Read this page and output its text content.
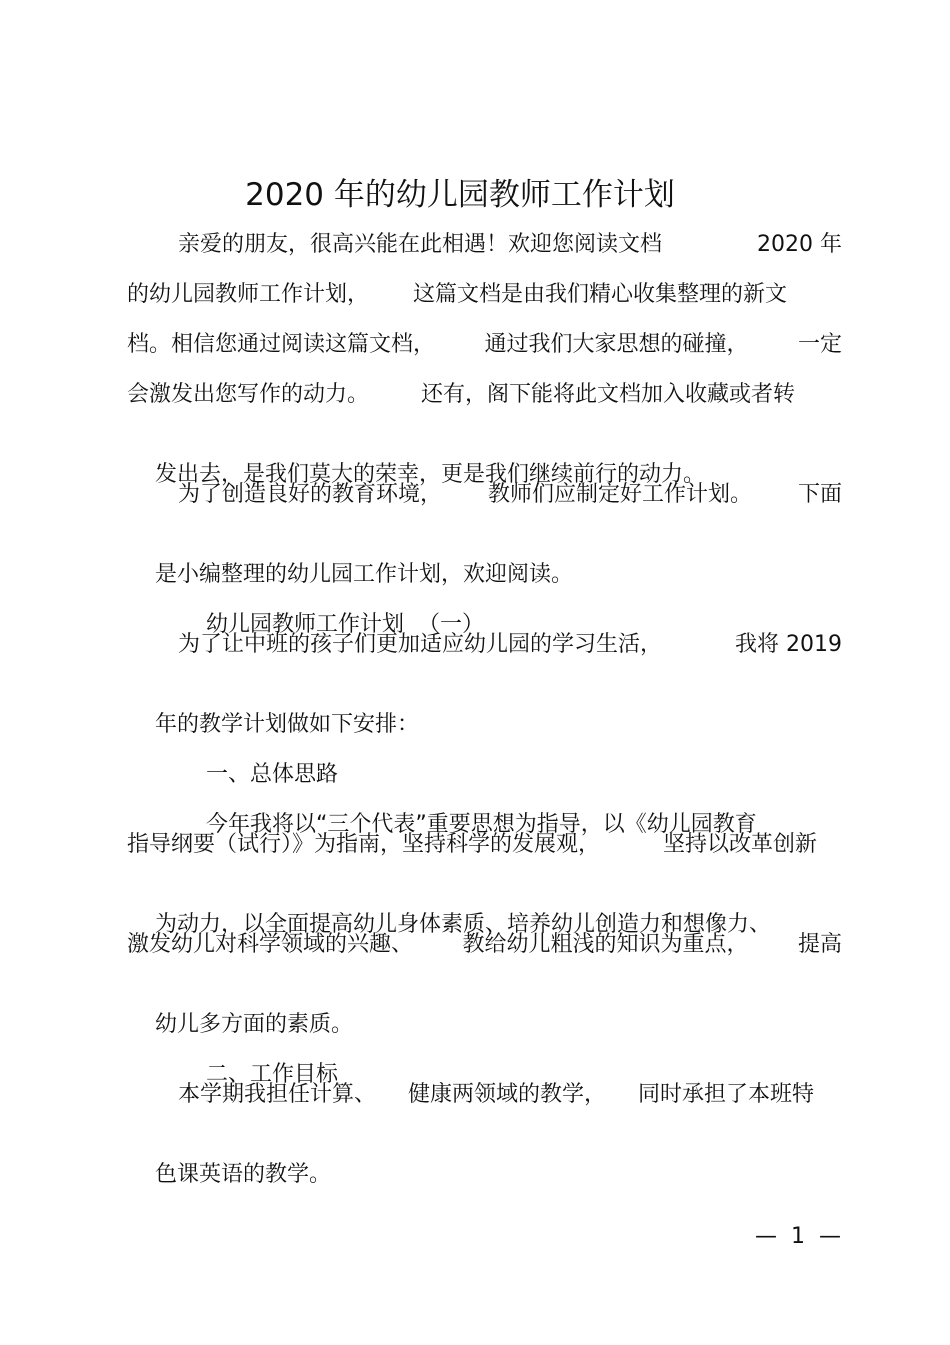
2020 年的幼儿园教师工作计划
亲爱的朋友，很高兴能在此相遇！欢迎您阅读文档	2020 年
的幼儿园教师工作计划， 这篇文档是由我们精心收集整理的新文
档。相信您通过阅读这篇文档， 通过我们大家思想的碰撞， 一定
会激发出您写作的动力。 还有，阁下能将此文档加入收藏或者转

发出去，是我们莫大的荣幸，更是我们继续前行的动力。

为了创造良好的教育环境， 教师们应制定好工作计划。 下面

是小编整理的幼儿园工作计划，欢迎阅读。

幼儿园教师工作计划  （一）

为了让中班的孩子们更加适应幼儿园的学习生活，	我将 2019

年的教学计划做如下安排：

一、总体思路

今年我将以“三个代表”重要思想为指导，以《幼儿园教育

指导纲要（试行）》为指南，坚持科学的发展观，	坚持以改革创新

为动力，以全面提高幼儿身体素质、培养幼儿创造力和想像力、

激发幼儿对科学领域的兴趣、 教给幼儿粗浅的知识为重点， 提高

幼儿多方面的素质。

二、工作目标

本学期我担任计算、 健康两领域的教学， 同时承担了本班特

色课英语的教学。

—  1  —
